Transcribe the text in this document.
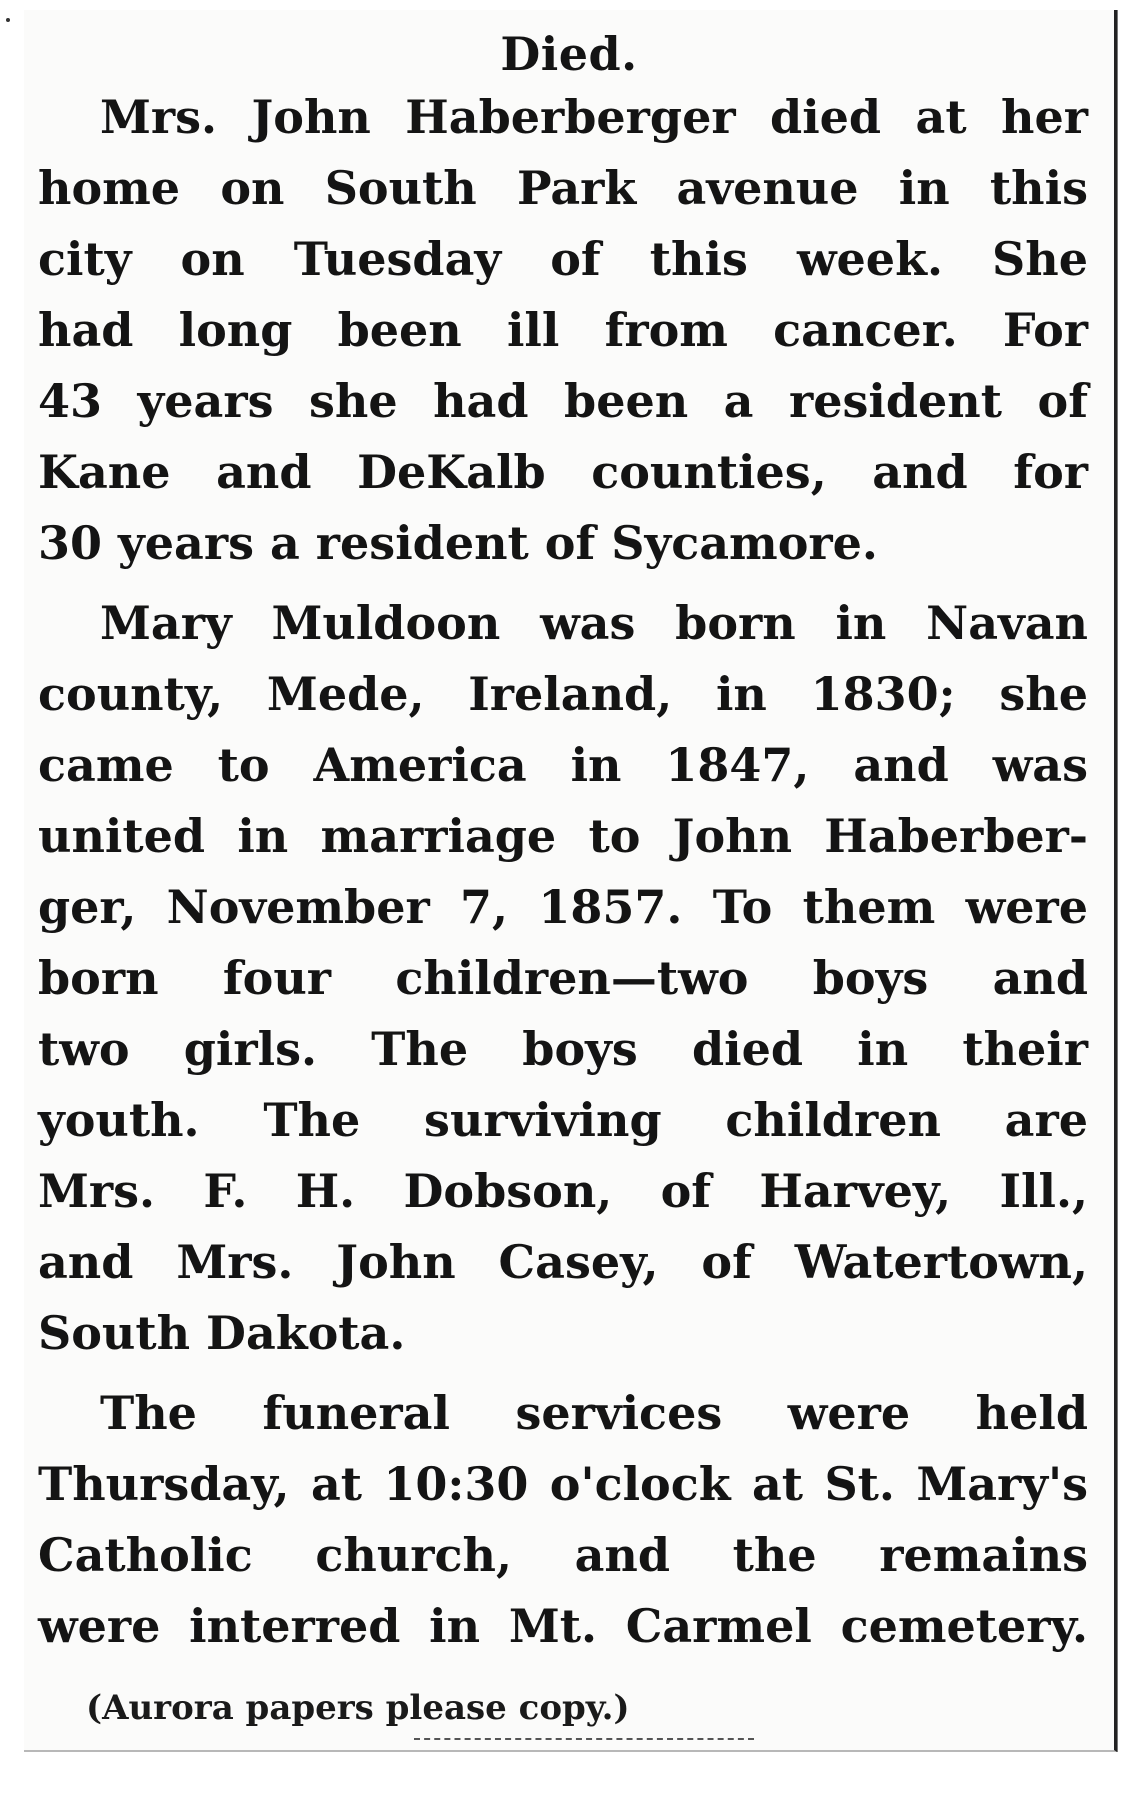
Died.
Mrs. John Haberberger died at her
home on South Park avenue in this
city on Tuesday of this week. She
had long been ill from cancer. For
43 years she had been a resident of
Kane and DeKalb counties, and for
30 years a resident of Sycamore.
Mary Muldoon was born in Navan
county, Mede, Ireland, in 1830; she
came to America in 1847, and was
united in marriage to John Haberber-
ger, November 7, 1857. To them were
born four children—two boys and
two girls. The boys died in their
youth. The surviving children are
Mrs. F. H. Dobson, of Harvey, Ill.,
and Mrs. John Casey, of Watertown,
South Dakota.
The funeral services were held
Thursday, at 10:30 o'clock at St. Mary's
Catholic church, and the remains
were interred in Mt. Carmel cemetery.
(Aurora papers please copy.)
